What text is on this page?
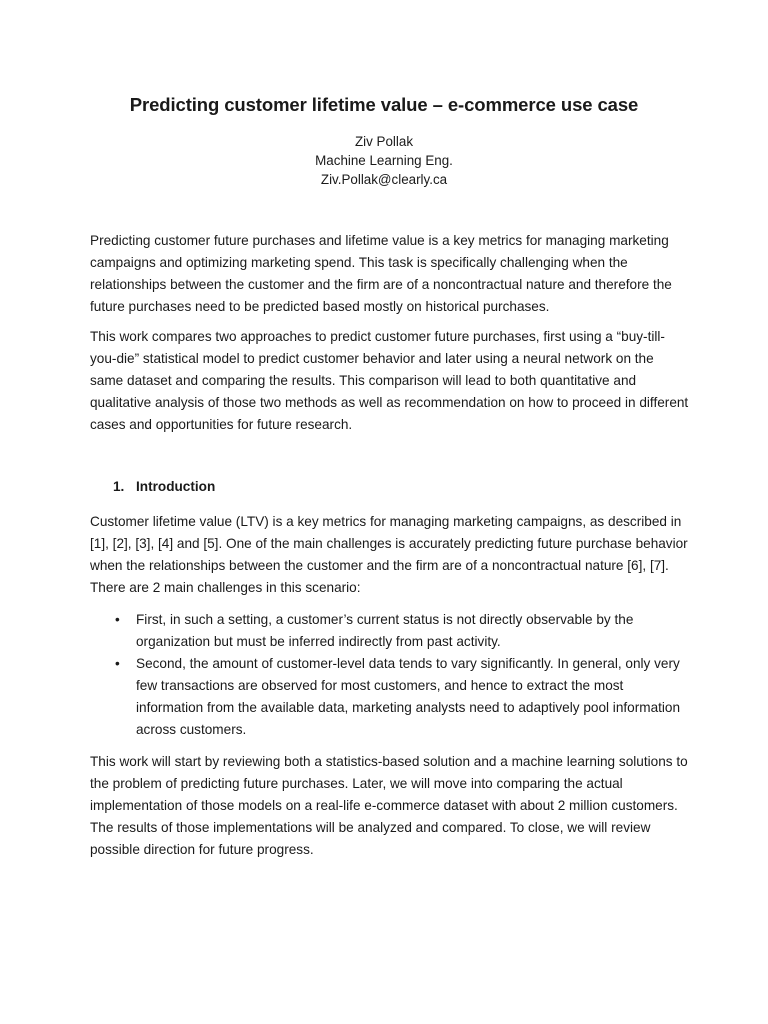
Predicting customer lifetime value – e-commerce use case
Ziv Pollak
Machine Learning Eng.
Ziv.Pollak@clearly.ca

Predicting customer future purchases and lifetime value is a key metrics for managing marketing campaigns and optimizing marketing spend. This task is specifically challenging when the relationships between the customer and the firm are of a noncontractual nature and therefore the future purchases need to be predicted based mostly on historical purchases.

This work compares two approaches to predict customer future purchases, first using a “buy-till-you-die” statistical model to predict customer behavior and later using a neural network on the same dataset and comparing the results. This comparison will lead to both quantitative and qualitative analysis of those two methods as well as recommendation on how to proceed in different cases and opportunities for future research.

1. Introduction

Customer lifetime value (LTV) is a key metrics for managing marketing campaigns, as described in [1], [2], [3], [4] and [5]. One of the main challenges is accurately predicting future purchase behavior when the relationships between the customer and the firm are of a noncontractual nature [6], [7]. There are 2 main challenges in this scenario:

• First, in such a setting, a customer’s current status is not directly observable by the organization but must be inferred indirectly from past activity.
• Second, the amount of customer-level data tends to vary significantly. In general, only very few transactions are observed for most customers, and hence to extract the most information from the available data, marketing analysts need to adaptively pool information across customers.

This work will start by reviewing both a statistics-based solution and a machine learning solutions to the problem of predicting future purchases. Later, we will move into comparing the actual implementation of those models on a real-life e-commerce dataset with about 2 million customers. The results of those implementations will be analyzed and compared. To close, we will review possible direction for future progress.
